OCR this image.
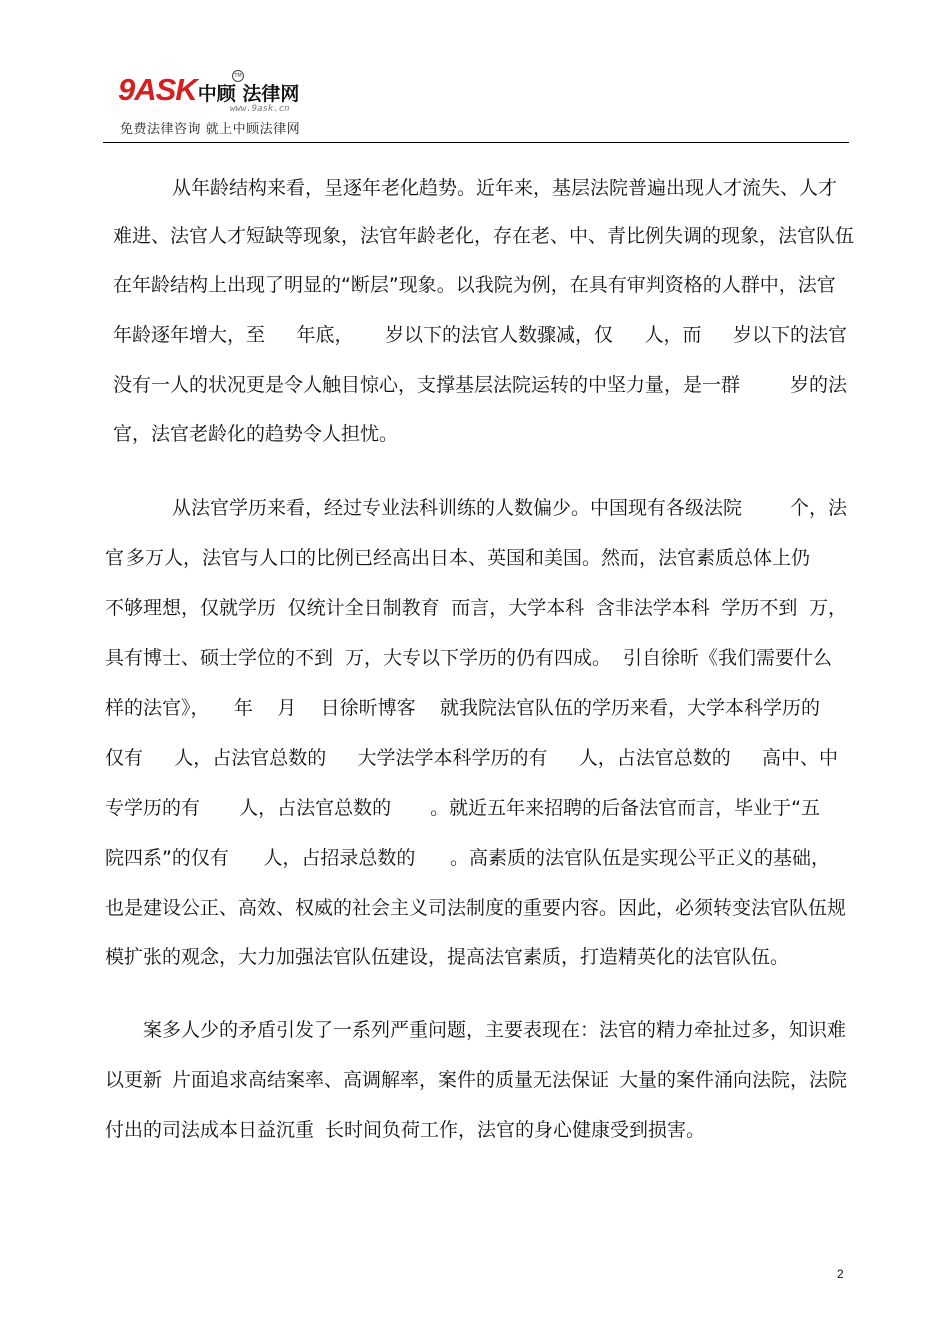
9ASK 中顾 法律网
TM
www.9ask.cn
免费法律咨询 就上中顾法律网
从年龄结构来看，呈逐年老化趋势。近年来，基层法院普遍出现人才流失、人才
难进、法官人才短缺等现象，法官年龄老化，存在老、中、青比例失调的现象，法官队伍
在年龄结构上出现了明显的“断层”现象。以我院为例，在具有审判资格的人群中，法官
年龄逐年增大，至 年底， 岁以下的法官人数骤减，仅 人，而 岁以下的法官
没有一人的状况更是令人触目惊心，支撑基层法院运转的中坚力量，是一群	岁的法
官，法官老龄化的趋势令人担忧。
从法官学历来看，经过专业法科训练的人数偏少。中国现有各级法院	个，法
官 多万人，法官与人口的比例已经高出日本、英国和美国。然而，法官素质总体上仍
不够理想，仅就学历 仅统计全日制教育 而言，大学本科 含非法学本科 学历不到 万，
具有博士、硕士学位的不到 万，大专以下学历的仍有四成。 引自徐昕《我们需要什么
样的法官》， 年 月 日徐昕博客 就我院法官队伍的学历来看，大学本科学历的
仅有 人，占法官总数的 大学法学本科学历的有 人，占法官总数的 高中、中
专学历的有 人，占法官总数的 。就近五年来招聘的后备法官而言，毕业于“五
院四系”的仅有 人，占招录总数的 。高素质的法官队伍是实现公平正义的基础，
也是建设公正、高效、权威的社会主义司法制度的重要内容。因此，必须转变法官队伍规
模扩张的观念，大力加强法官队伍建设，提高法官素质，打造精英化的法官队伍。
案多人少的矛盾引发了一系列严重问题，主要表现在：法官的精力牵扯过多，知识难
以更新 片面追求高结案率、高调解率，案件的质量无法保证 大量的案件涌向法院，法院
付出的司法成本日益沉重 长时间负荷工作，法官的身心健康受到损害。
2
